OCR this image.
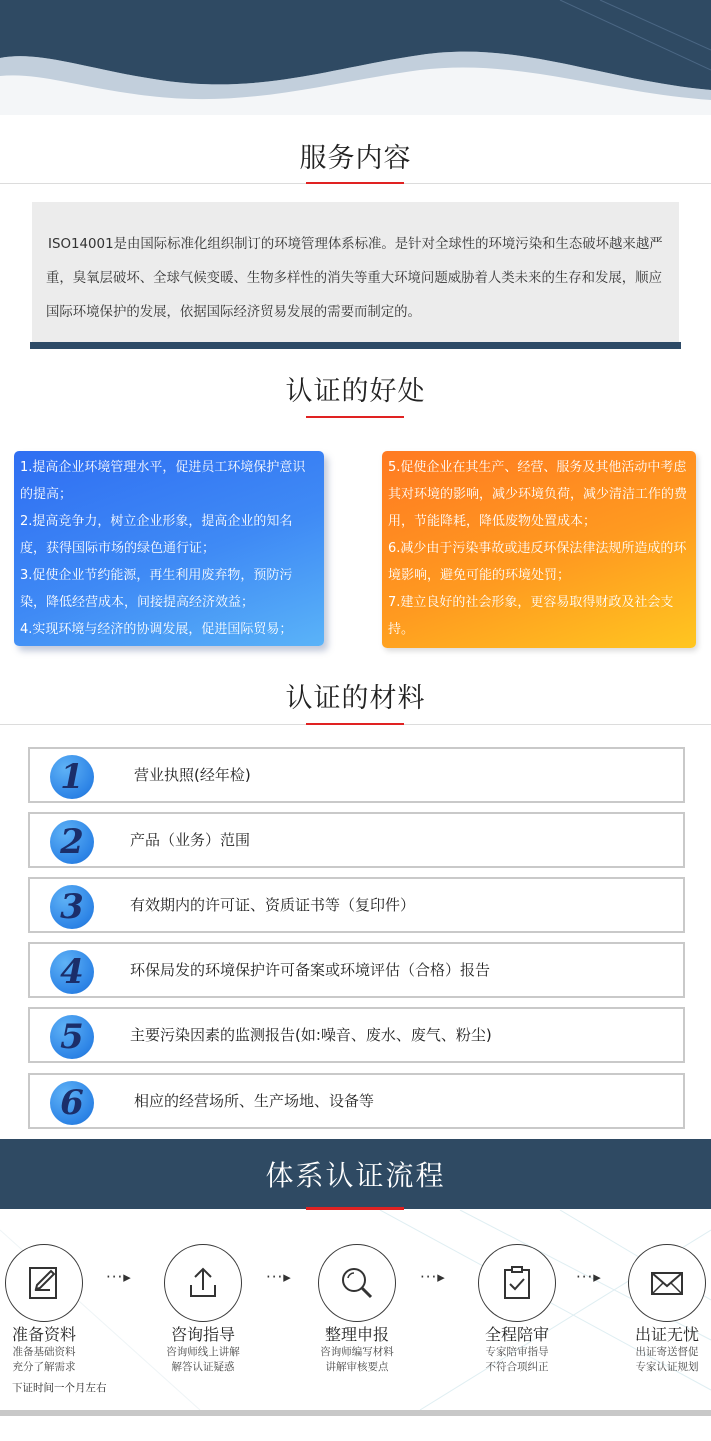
服务内容
ISO14001是由国际标准化组织制订的环境管理体系标准。是针对全球性的环境污染和生态破坏越来越严重，臭氧层破坏、全球气候变暖、生物多样性的消失等重大环境问题威胁着人类未来的生存和发展，顺应国际环境保护的发展，依据国际经济贸易发展的需要而制定的。
认证的好处
1.提高企业环境管理水平，促进员工环境保护意识的提高；
2.提高竞争力，树立企业形象，提高企业的知名度，获得国际市场的绿色通行证；
3.促使企业节约能源，再生利用废弃物，预防污染，降低经营成本，间接提高经济效益；
4.实现环境与经济的协调发展，促进国际贸易；
5.促使企业在其生产、经营、服务及其他活动中考虑其对环境的影响，减少环境负荷，减少清洁工作的费用，节能降耗，降低废物处置成本；
6.减少由于污染事故或违反环保法律法规所造成的环境影响，避免可能的环境处罚；
7.建立良好的社会形象，更容易取得财政及社会支持。
认证的材料
1	营业执照(经年检)
2	产品（业务）范围
3	有效期内的许可证、资质证书等（复印件）
4	环保局发的环境保护许可备案或环境评估（合格）报告
5	主要污染因素的监测报告(如:噪音、废水、废气、粉尘)
6	相应的经营场所、生产场地、设备等
体系认证流程
准备资料
准备基础资料
充分了解需求
···▸
咨询指导
咨询师线上讲解
解答认证疑惑
···▸
整理申报
咨询师编写材料
讲解审核要点
···▸
全程陪审
专家陪审指导
不符合项纠正
···▸
出证无忧
出证寄送督促
专家认证规划
下证时间一个月左右
